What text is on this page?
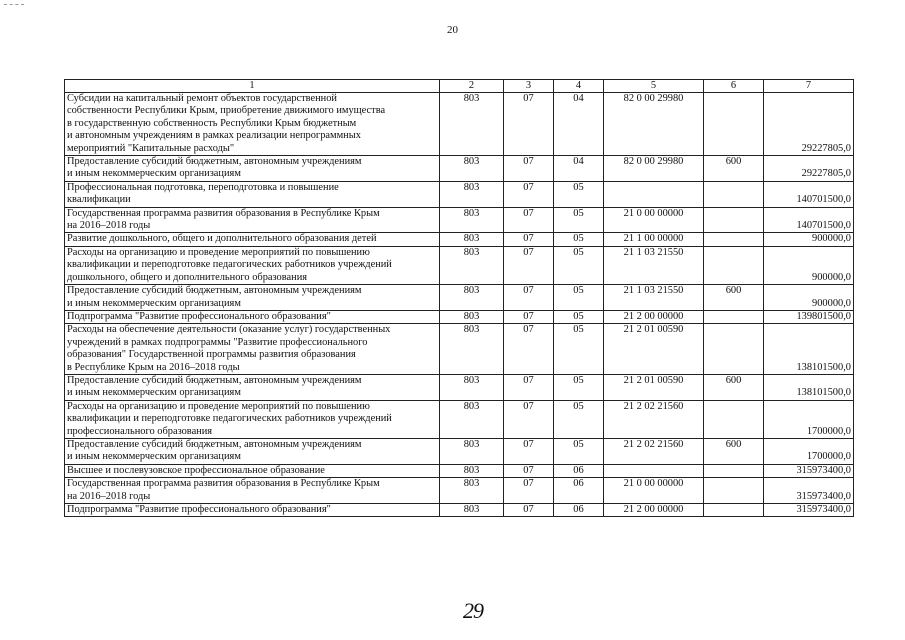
20
1	2	3	4	5	6	7

Субсидии на капитальный ремонт объектов государственной
собственности Республики Крым, приобретение движимого имущества
в государственную собственность Республики Крым бюджетным
и автономным учреждениям в рамках реализации непрограммных
мероприятий "Капитальные расходы"	803	07	04	82 0 00 29980		29227805,0

Предоставление субсидий бюджетным, автономным учреждениям
и иным некоммерческим организациям	803	07	04	82 0 00 29980	600	29227805,0

Профессиональная подготовка, переподготовка и повышение
квалификации	803	07	05			140701500,0

Государственная программа развития образования в Республике Крым
на 2016–2018 годы	803	07	05	21 0 00 00000		140701500,0

Развитие дошкольного, общего и дополнительного образования детей	803	07	05	21 1 00 00000		900000,0

Расходы на организацию и проведение мероприятий по повышению
квалификации и переподготовке педагогических работников учреждений
дошкольного, общего и дополнительного образования	803	07	05	21 1 03 21550		900000,0

Предоставление субсидий бюджетным, автономным учреждениям
и иным некоммерческим организациям	803	07	05	21 1 03 21550	600	900000,0

Подпрограмма "Развитие профессионального образования"	803	07	05	21 2 00 00000		139801500,0

Расходы на обеспечение деятельности (оказание услуг) государственных
учреждений в рамках подпрограммы "Развитие профессионального
образования" Государственной программы развития образования
в Республике Крым на 2016–2018 годы	803	07	05	21 2 01 00590		138101500,0

Предоставление субсидий бюджетным, автономным учреждениям
и иным некоммерческим организациям	803	07	05	21 2 01 00590	600	138101500,0

Расходы на организацию и проведение мероприятий по повышению
квалификации и переподготовке педагогических работников учреждений
профессионального образования	803	07	05	21 2 02 21560		1700000,0

Предоставление субсидий бюджетным, автономным учреждениям
и иным некоммерческим организациям	803	07	05	21 2 02 21560	600	1700000,0

Высшее и послевузовское профессиональное образование	803	07	06			315973400,0

Государственная программа развития образования в Республике Крым
на 2016–2018 годы	803	07	06	21 0 00 00000		315973400,0

Подпрограмма "Развитие профессионального образования"	803	07	06	21 2 00 00000		315973400,0
29
